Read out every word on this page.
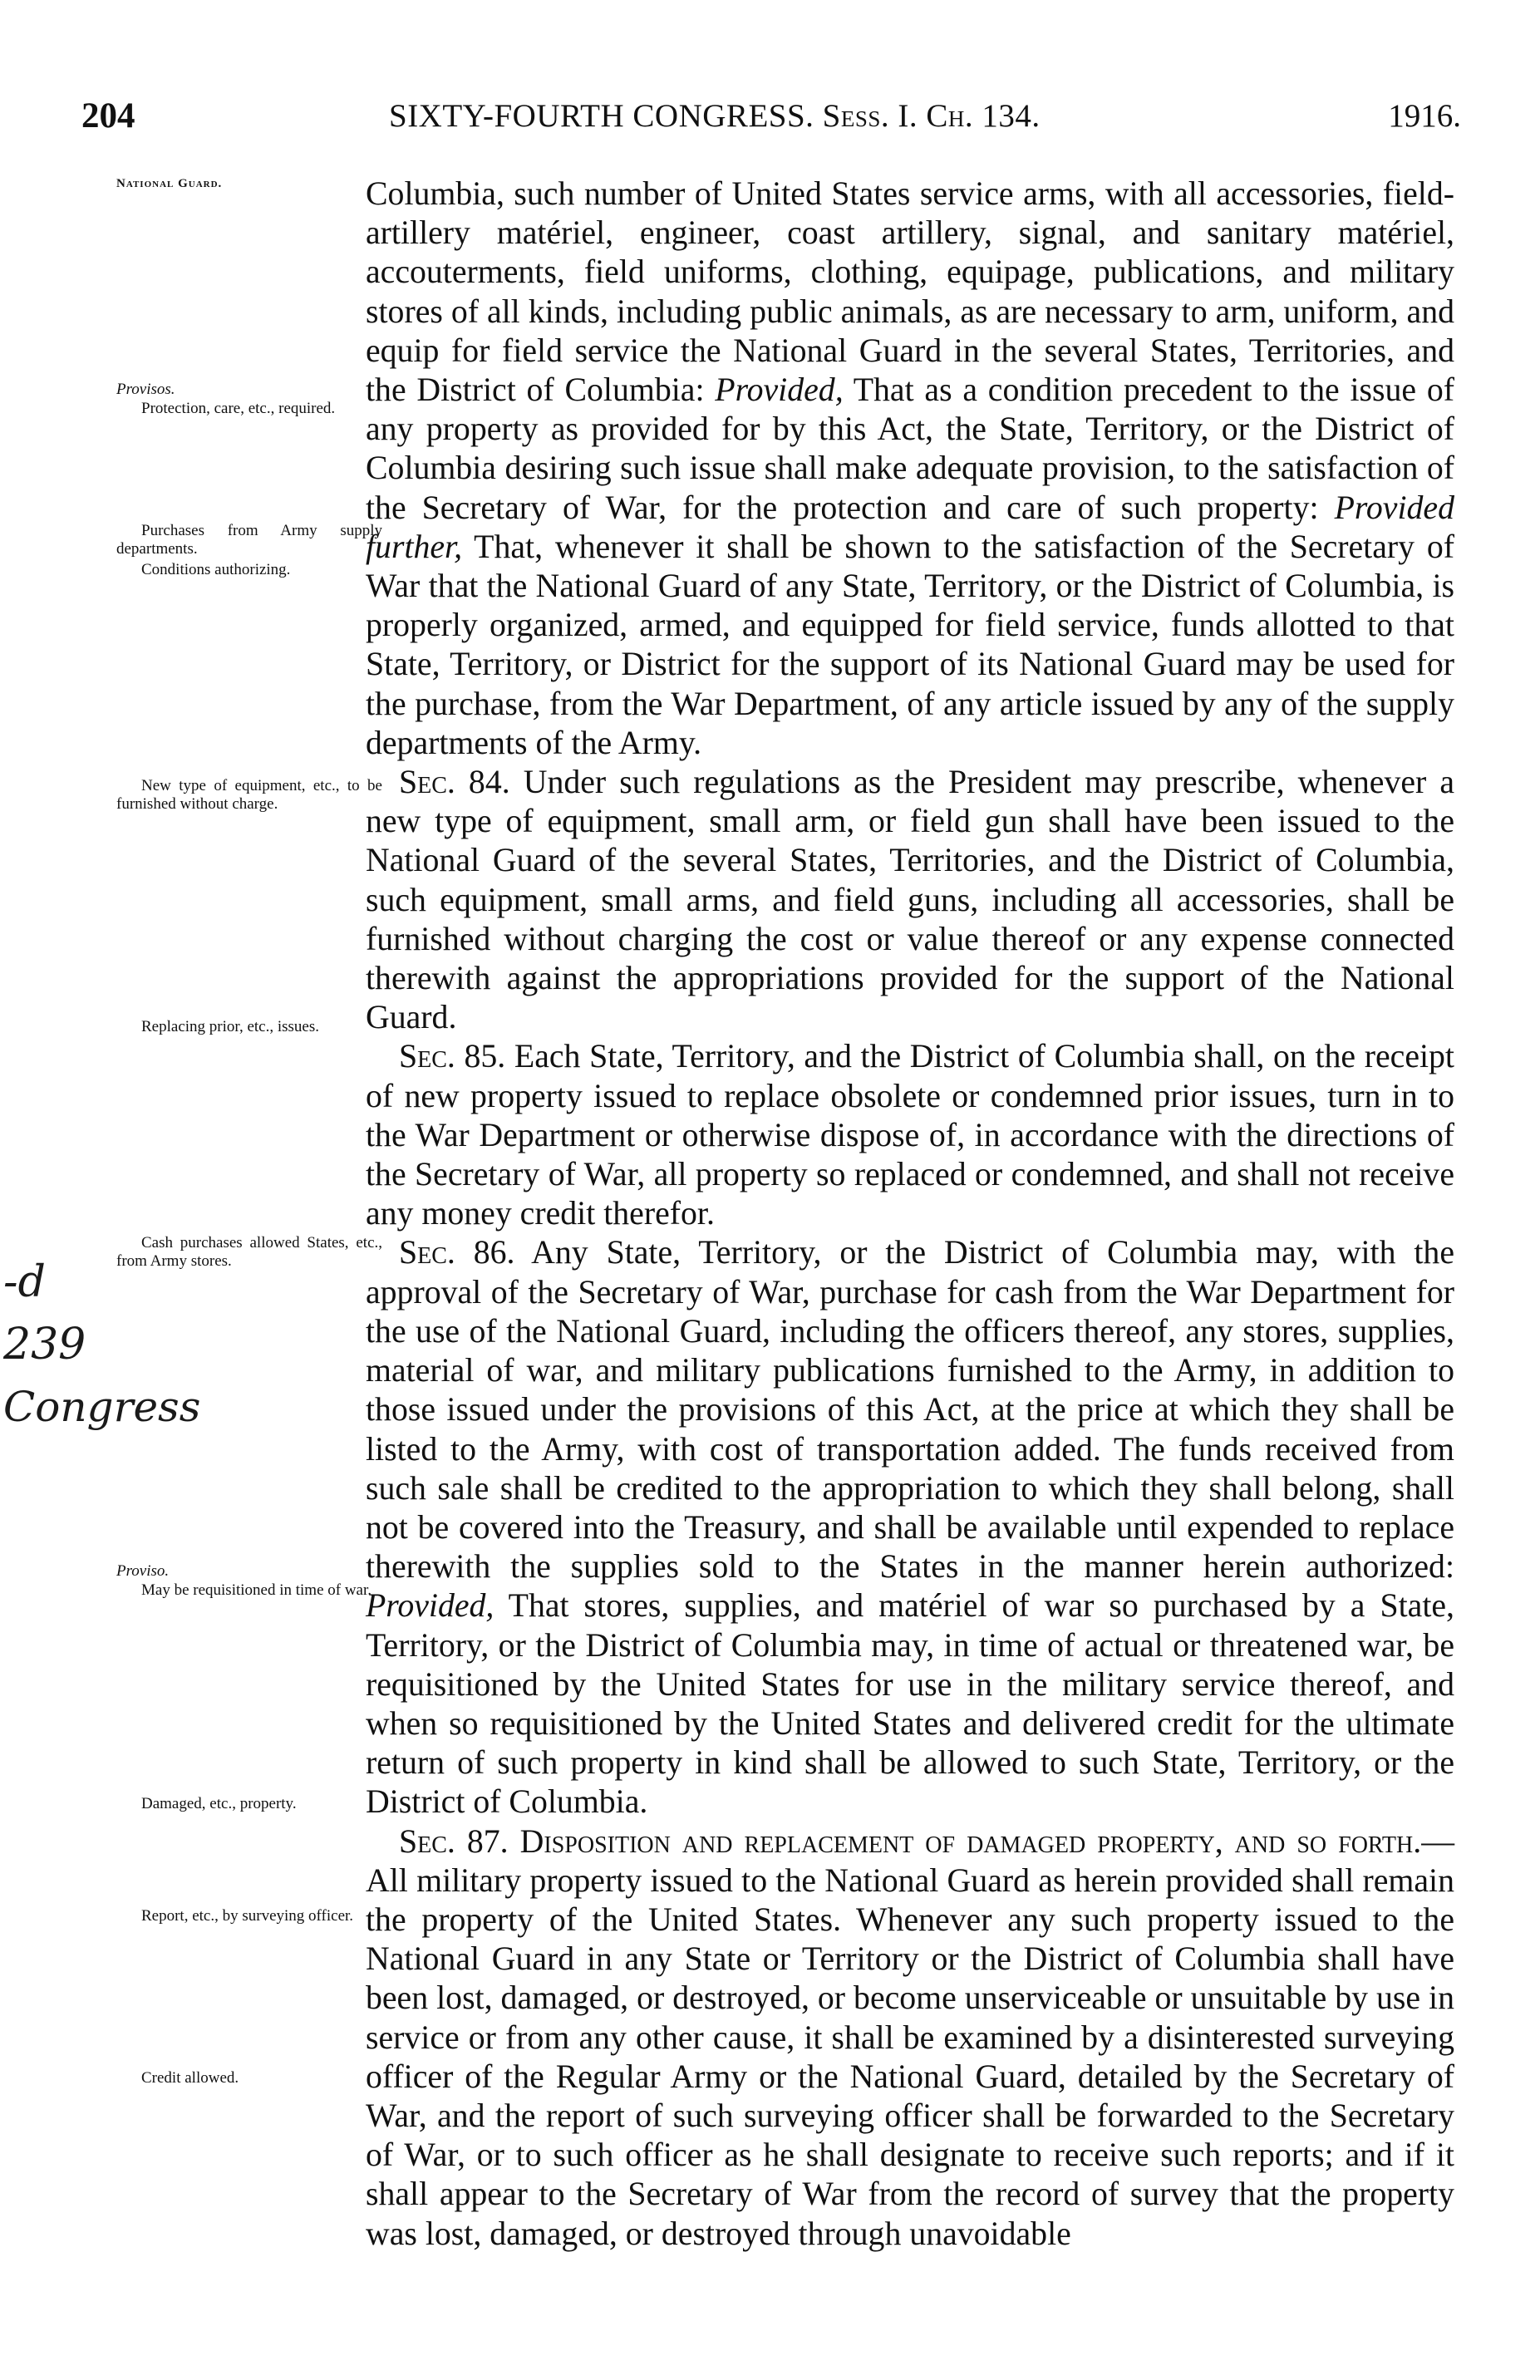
204	SIXTY-FOURTH CONGRESS. Sess. I. Ch. 134.	1916.
National Guard.
Provisos.
Protection, care, etc., required.
Purchases from Army supply departments.
Conditions authorizing.
New type of equipment, etc., to be furnished without charge.
Replacing prior, etc., issues.
Cash purchases allowed States, etc., from Army stores.
Proviso.
May be requisitioned in time of war.
Damaged, etc., property.
Report, etc., by surveying officer.
Credit allowed.
-d
239
Congress

Columbia, such number of United States service arms, with all accessories, field-artillery matériel, engineer, coast artillery, signal, and sanitary matériel, accouterments, field uniforms, clothing, equipage, publications, and military stores of all kinds, including public animals, as are necessary to arm, uniform, and equip for field service the National Guard in the several States, Territories, and the District of Columbia: Provided, That as a condition precedent to the issue of any property as provided for by this Act, the State, Territory, or the District of Columbia desiring such issue shall make adequate provision, to the satisfaction of the Secretary of War, for the protection and care of such property: Provided further, That, whenever it shall be shown to the satisfaction of the Secretary of War that the National Guard of any State, Territory, or the District of Columbia, is properly organized, armed, and equipped for field service, funds allotted to that State, Territory, or District for the support of its National Guard may be used for the purchase, from the War Department, of any article issued by any of the supply departments of the Army.

Sec. 84. Under such regulations as the President may prescribe, whenever a new type of equipment, small arm, or field gun shall have been issued to the National Guard of the several States, Territories, and the District of Columbia, such equipment, small arms, and field guns, including all accessories, shall be furnished without charging the cost or value thereof or any expense connected therewith against the appropriations provided for the support of the National Guard.

Sec. 85. Each State, Territory, and the District of Columbia shall, on the receipt of new property issued to replace obsolete or condemned prior issues, turn in to the War Department or otherwise dispose of, in accordance with the directions of the Secretary of War, all property so replaced or condemned, and shall not receive any money credit therefor.

Sec. 86. Any State, Territory, or the District of Columbia may, with the approval of the Secretary of War, purchase for cash from the War Department for the use of the National Guard, including the officers thereof, any stores, supplies, material of war, and military publications furnished to the Army, in addition to those issued under the provisions of this Act, at the price at which they shall be listed to the Army, with cost of transportation added. The funds received from such sale shall be credited to the appropriation to which they shall belong, shall not be covered into the Treasury, and shall be available until expended to replace therewith the supplies sold to the States in the manner herein authorized: Provided, That stores, supplies, and matériel of war so purchased by a State, Territory, or the District of Columbia may, in time of actual or threatened war, be requisitioned by the United States for use in the military service thereof, and when so requisitioned by the United States and delivered credit for the ultimate return of such property in kind shall be allowed to such State, Territory, or the District of Columbia.

Sec. 87. Disposition and replacement of damaged property, and so forth.—All military property issued to the National Guard as herein provided shall remain the property of the United States. Whenever any such property issued to the National Guard in any State or Territory or the District of Columbia shall have been lost, damaged, or destroyed, or become unserviceable or unsuitable by use in service or from any other cause, it shall be examined by a disinterested surveying officer of the Regular Army or the National Guard, detailed by the Secretary of War, and the report of such surveying officer shall be forwarded to the Secretary of War, or to such officer as he shall designate to receive such reports; and if it shall appear to the Secretary of War from the record of survey that the property was lost, damaged, or destroyed through unavoidable
